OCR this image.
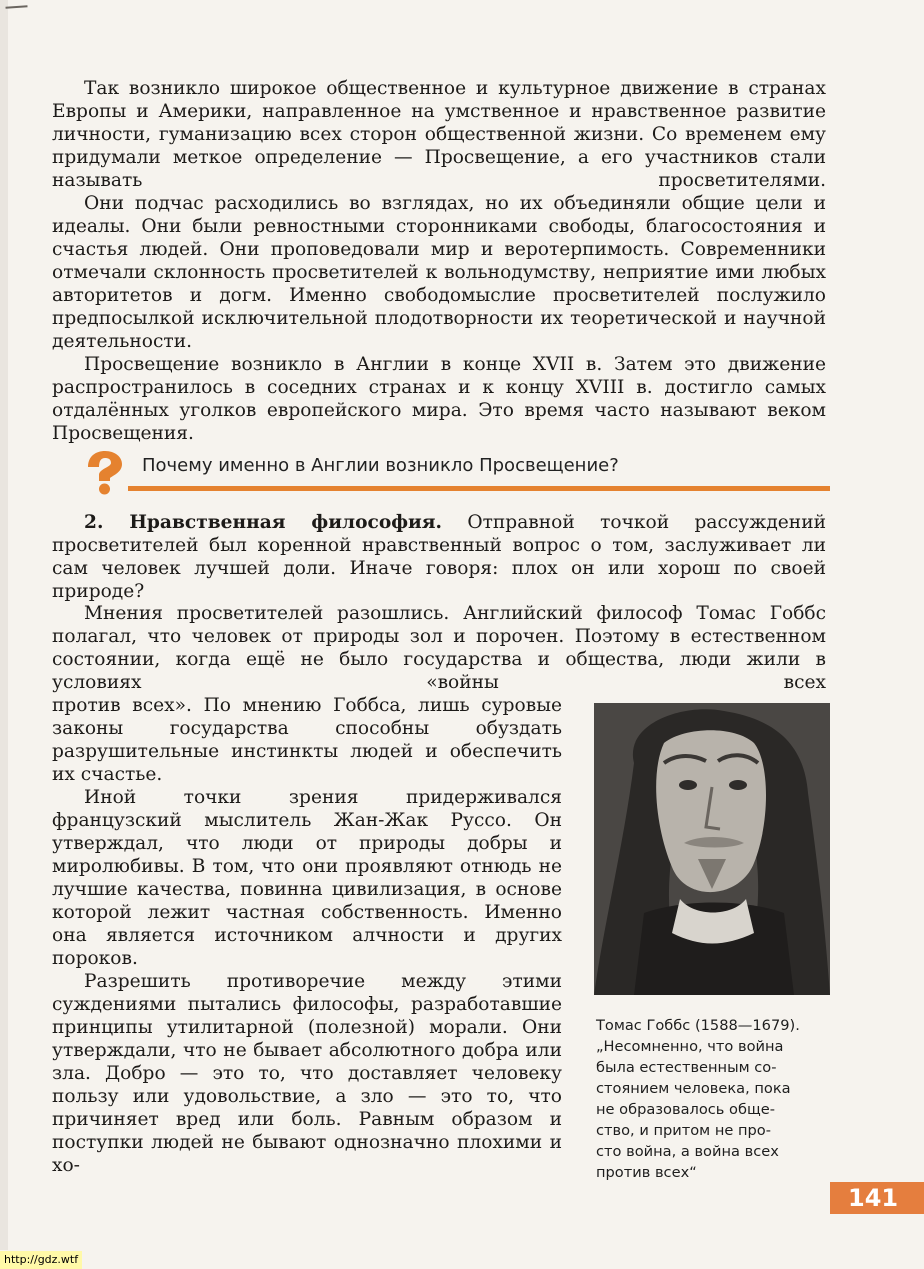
Так возникло широкое общественное и культурное движение в странах Европы и Америки, направленное на умственное и нравственное развитие личности, гуманизацию всех сторон общественной жизни. Со временем ему придумали меткое определение — Просвещение, а его участников стали называть просветителями.

Они подчас расходились во взглядах, но их объединяли общие цели и идеалы. Они были ревностными сторонниками свободы, благосостояния и счастья людей. Они проповедовали мир и веротерпимость. Современники отмечали склонность просветителей к вольнодумству, неприятие ими любых авторитетов и догм. Именно свободомыслие просветителей послужило предпосылкой исключительной плодотворности их теоретической и научной деятельности.

Просвещение возникло в Англии в конце XVII в. Затем это движение распространилось в соседних странах и к концу XVIII в. достигло самых отдалённых уголков европейского мира. Это время часто называют веком Просвещения.

Почему именно в Англии возникло Просвещение?

2. Нравственная философия. Отправной точкой рассуждений просветителей был коренной нравственный вопрос о том, заслуживает ли сам человек лучшей доли. Иначе говоря: плох он или хорош по своей природе?

Мнения просветителей разошлись. Английский философ Томас Гоббс полагал, что человек от природы зол и порочен. Поэтому в естественном состоянии, когда ещё не было государства и общества, люди жили в условиях «войны всех

против всех». По мнению Гоббса, лишь суровые законы государства способны обуздать разрушительные инстинкты людей и обеспечить их счастье.

Иной точки зрения придерживался французский мыслитель Жан-Жак Руссо. Он утверждал, что люди от природы добры и миролюбивы. В том, что они проявляют отнюдь не лучшие качества, повинна цивилизация, в основе которой лежит частная собственность. Именно она является источником алчности и других пороков.

Разрешить противоречие между этими суждениями пытались философы, разработавшие принципы утилитарной (полезной) морали. Они утверждали, что не бывает абсолютного добра или зла. Добро — это то, что доставляет человеку пользу или удовольствие, а зло — это то, что причиняет вред или боль. Равным образом и поступки людей не бывают однозначно плохими и хо-

Томас Гоббс (1588—1679).
„Несомненно, что война
была естественным со-
стоянием человека, пока
не образовалось обще-
ство, и притом не про-
сто война, а война всех
против всех“
141
http://gdz.wtf
